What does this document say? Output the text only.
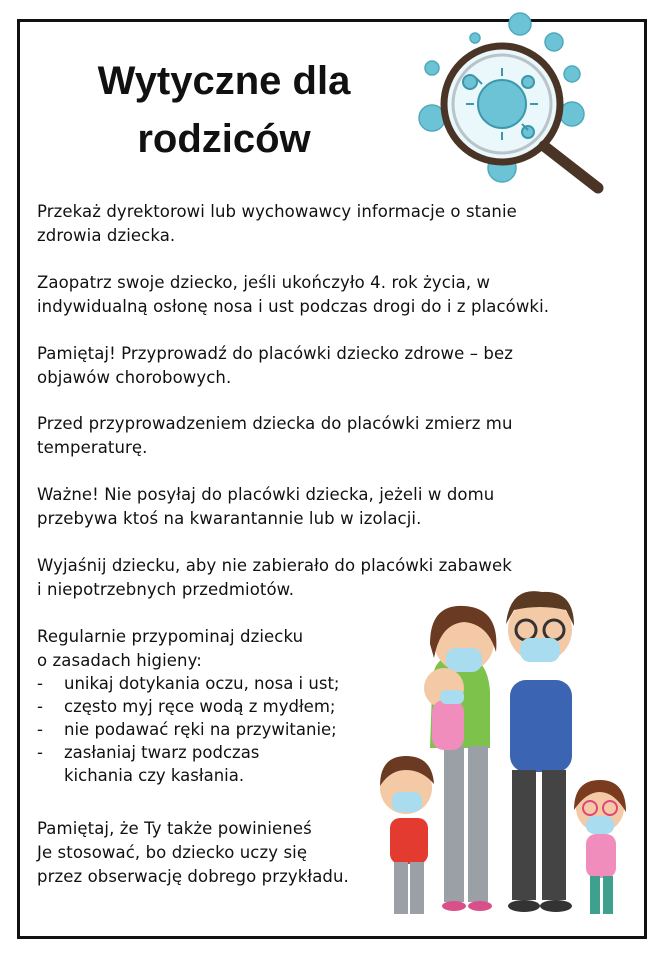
Wytyczne dla
rodziców
Przekaż dyrektorowi lub wychowawcy informacje o stanie
zdrowia dziecka.
Zaopatrz swoje dziecko, jeśli ukończyło 4. rok życia, w
indywidualną osłonę nosa i ust podczas drogi do i z placówki.
Pamiętaj! Przyprowadź do placówki dziecko zdrowe – bez
objawów chorobowych.
Przed przyprowadzeniem dziecka do placówki zmierz mu
temperaturę.
Ważne! Nie posyłaj do placówki dziecka, jeżeli w domu
przebywa ktoś na kwarantannie lub w izolacji.
Wyjaśnij dziecku, aby nie zabierało do placówki zabawek
i niepotrzebnych przedmiotów.
Regularnie przypominaj dziecku
o zasadach higieny:
-	unikaj dotykania oczu, nosa i ust;
-	często myj ręce wodą z mydłem;
-	nie podawać ręki na przywitanie;
-	zasłaniaj twarz podczas
kichania czy kasłania.
Pamiętaj, że Ty także powinieneś
Je stosować, bo dziecko uczy się
przez obserwację dobrego przykładu.
